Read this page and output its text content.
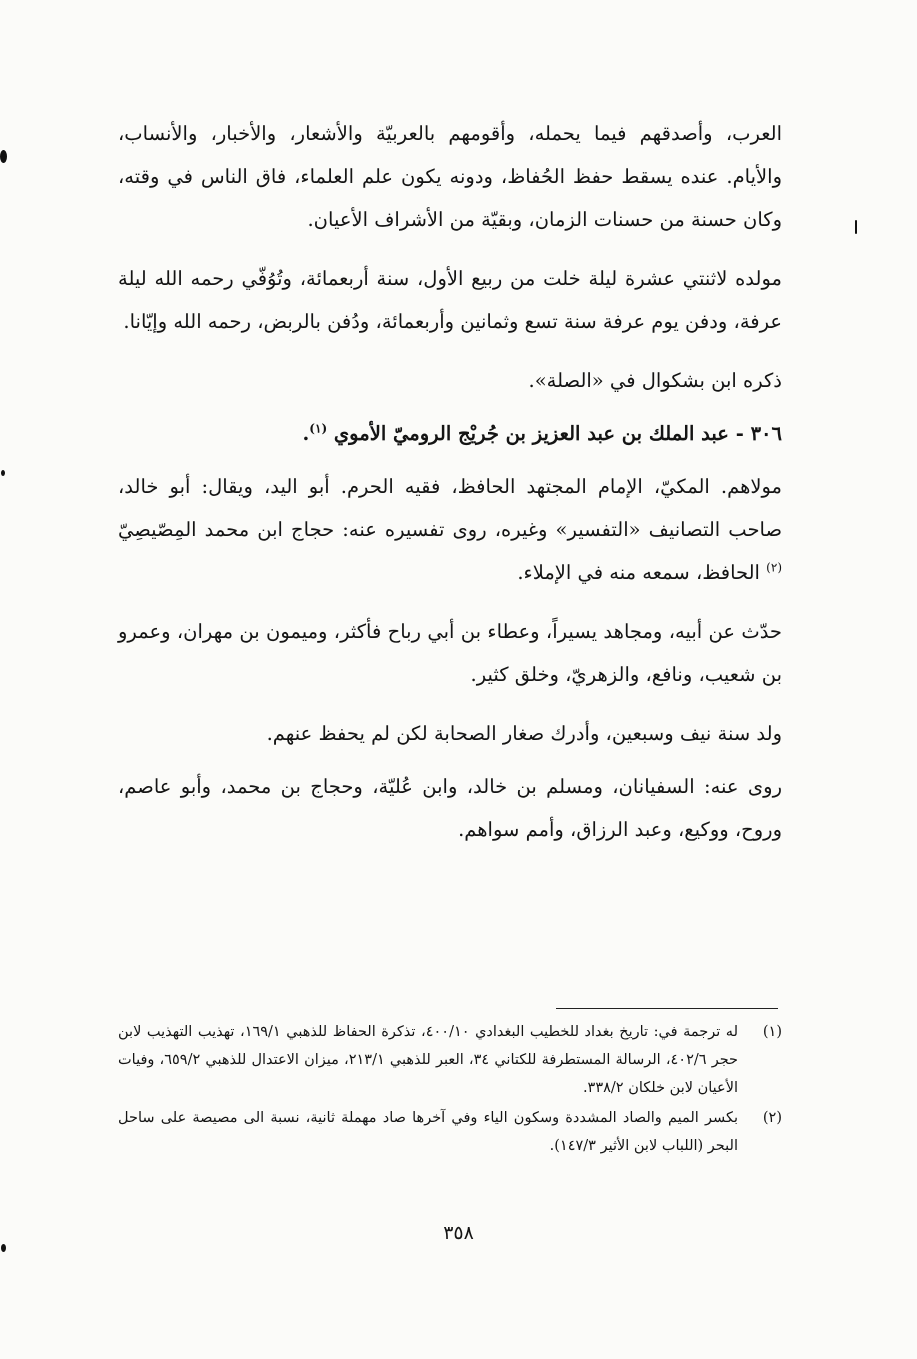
العرب، وأصدقهم فيما يحمله، وأقومهم بالعربيّة والأشعار، والأخبار، والأنساب، والأيام. عنده يسقط حفظ الحُفاظ، ودونه يكون علم العلماء، فاق الناس في وقته، وكان حسنة من حسنات الزمان، وبقيّة من الأشراف الأعيان.

مولده لاثنتي عشرة ليلة خلت من ربيع الأول، سنة أربعمائة، وتُوُفّي رحمه الله ليلة عرفة، ودفن يوم عرفة سنة تسع وثمانين وأربعمائة، ودُفن بالربض، رحمه الله وإيّانا.

ذكره ابن بشكوال في «الصلة».

٣٠٦ - عبد الملك بن عبد العزيز بن جُريْج الروميّ الأموي $^{(١)}$.

مولاهم. المكيّ، الإمام المجتهد الحافظ، فقيه الحرم. أبو اليد، ويقال: أبو خالد، صاحب التصانيف «التفسير» وغيره، روى تفسيره عنه: حجاج ابن محمد المِصّيصِيّ $^{(٢)}$ الحافظ، سمعه منه في الإملاء.

حدّث عن أبيه، ومجاهد يسيراً، وعطاء بن أبي رباح فأكثر، وميمون بن مهران، وعمرو بن شعيب، ونافع، والزهريّ، وخلق كثير.

ولد سنة نيف وسبعين، وأدرك صغار الصحابة لكن لم يحفظ عنهم.

روى عنه: السفيانان، ومسلم بن خالد، وابن عُليّة، وحجاج بن محمد، وأبو عاصم، وروح، ووكيع، وعبد الرزاق، وأمم سواهم.

(١)
له ترجمة في: تاريخ بغداد للخطيب البغدادي ٤٠٠/١٠، تذكرة الحفاظ للذهبي ١٦٩/١، تهذيب التهذيب لابن حجر ٤٠٢/٦، الرسالة المستطرفة للكتاني ٣٤، العبر للذهبي ٢١٣/١، ميزان الاعتدال للذهبي ٦٥٩/٢، وفيات الأعيان لابن خلكان ٣٣٨/٢.
(٢)
بكسر الميم والصاد المشددة وسكون الياء وفي آخرها صاد مهملة ثانية، نسبة الى مصيصة على ساحل البحر (اللباب لابن الأثير ١٤٧/٣).
٣٥٨
